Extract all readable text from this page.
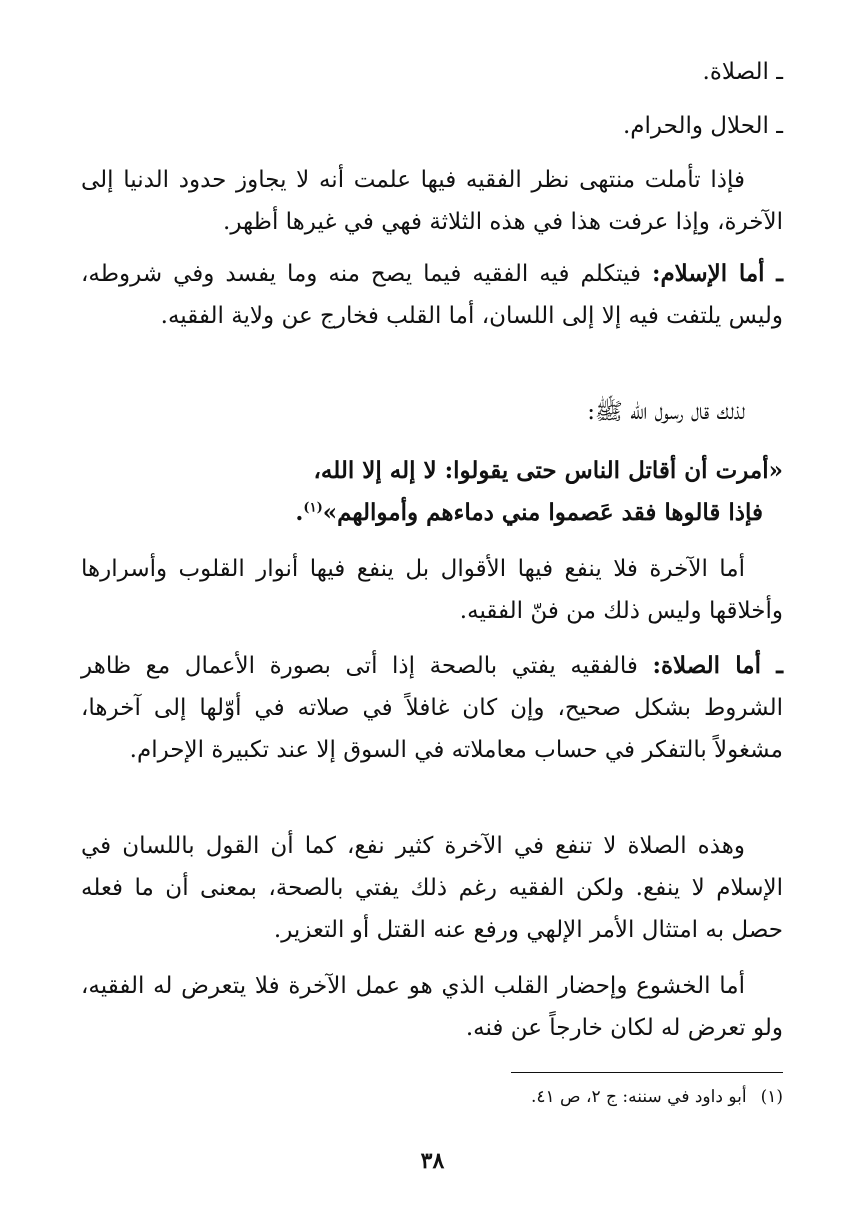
ـ الصلاة.
ـ الحلال والحرام.
فإذا تأملت منتهى نظر الفقيه فيها علمت أنه لا يجاوز حدود الدنيا إلى الآخرة، وإذا عرفت هذا في هذه الثلاثة فهي في غيرها أظهر.
ـ أما الإسلام: فيتكلم فيه الفقيه فيما يصح منه وما يفسد وفي شروطه، وليس يلتفت فيه إلا إلى اللسان، أما القلب فخارج عن ولاية الفقيه.
لذلك قال رسول الله ﷺ:
«أمرت أن أقاتل الناس حتى يقولوا: لا إله إلا الله،
فإذا قالوها فقد عَصموا مني دماءهم وأموالهم»$^{(١)}$.
أما الآخرة فلا ينفع فيها الأقوال بل ينفع فيها أنوار القلوب وأسرارها وأخلاقها وليس ذلك من فنّ الفقيه.
ـ أما الصلاة: فالفقيه يفتي بالصحة إذا أتى بصورة الأعمال مع ظاهر الشروط بشكل صحيح، وإن كان غافلاً في صلاته في أوّلها إلى آخرها، مشغولاً بالتفكر في حساب معاملاته في السوق إلا عند تكبيرة الإحرام.
وهذه الصلاة لا تنفع في الآخرة كثير نفع، كما أن القول باللسان في الإسلام لا ينفع. ولكن الفقيه رغم ذلك يفتي بالصحة، بمعنى أن ما فعله حصل به امتثال الأمر الإلهي ورفع عنه القتل أو التعزير.
أما الخشوع وإحضار القلب الذي هو عمل الآخرة فلا يتعرض له الفقيه، ولو تعرض له لكان خارجاً عن فنه.
(١)أبو داود في سننه: ج ٢، ص ٤١.
٣٨
